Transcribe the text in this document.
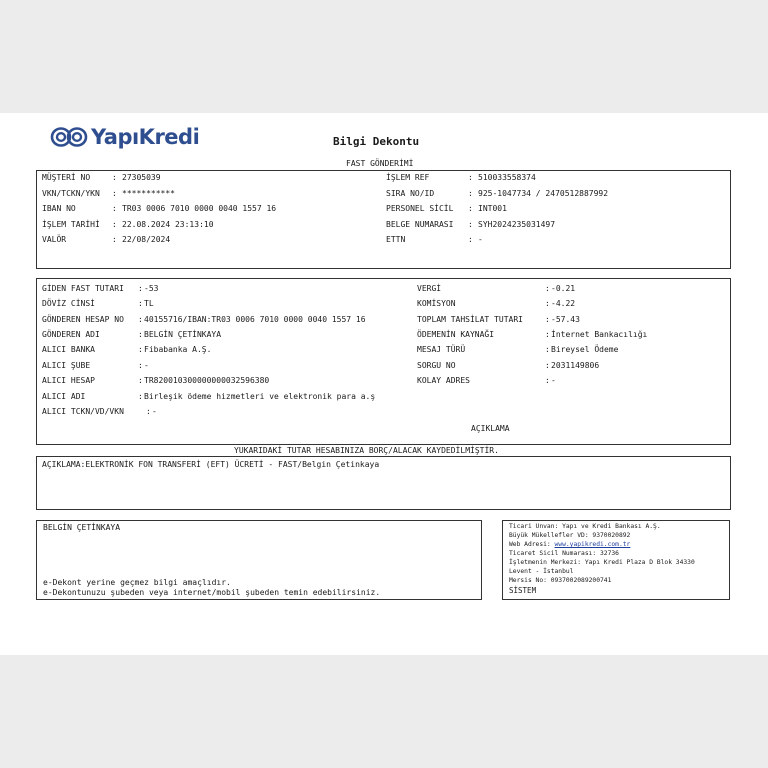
YapıKredi	Bilgi Dekontu
FAST GÖNDERİMİ

MÜŞTERİ NO	: 27305039

VKN/TCKN/YKN : ***********

IBAN NO	: TR03 0006 7010 0000 0040 1557 16

İŞLEM TARİHİ : 22.08.2024 23:13:10

VALÖR	: 22/08/2024

İŞLEM REF	: 510033558374

SIRA NO/ID	: 925-1047734 / 2470512887992

PERSONEL SİCİL : INT001

BELGE NUMARASI : SYH2024235031497

ETTN	: -

GİDEN FAST TUTARI : -53

DÖVİZ CİNSİ	: TL

GÖNDEREN HESAP NO : 40155716/IBAN:TR03 0006 7010 0000 0040 1557 16

GÖNDEREN ADI	: BELGİN ÇETİNKAYA

ALICI BANKA	: Fibabanka A.Ş.

ALICI ŞUBE	: -

ALICI HESAP	: TR820010300000000032596380

ALICI ADI	: Birleşik ödeme hizmetleri ve elektronik para a.ş

ALICI TCKN/VD/VKN	: -

VERGİ	: -0.21

KOMİSYON	: -4.22

TOPLAM TAHSİLAT TUTARI	: -57.43

ÖDEMENİN KAYNAĞI	: İnternet Bankacılığı

MESAJ TÜRÜ	: Bireysel Ödeme

SORGU NO	: 2031149806

KOLAY ADRES	: -

AÇIKLAMA
YUKARIDAKİ TUTAR HESABINIZA BORÇ/ALACAK KAYDEDİLMİŞTİR.
AÇIKLAMA:ELEKTRONİK FON TRANSFERİ (EFT) ÜCRETİ - FAST/Belgin Çetinkaya
BELGİN ÇETİNKAYA
e-Dekont yerine geçmez bilgi amaçlıdır.
e-Dekontunuzu şubeden veya internet/mobil şubeden temin edebilirsiniz.
Ticari Unvan: Yapı ve Kredi Bankası A.Ş.
Büyük Mükellefler VD: 9370020892
Web Adresi: www.yapikredi.com.tr
Ticaret Sicil Numarası: 32736
İşletmenin Merkezi: Yapı Kredi Plaza D Blok 34330
Levent - İstanbul
Mersis No: 0937002089200741
SİSTEM
